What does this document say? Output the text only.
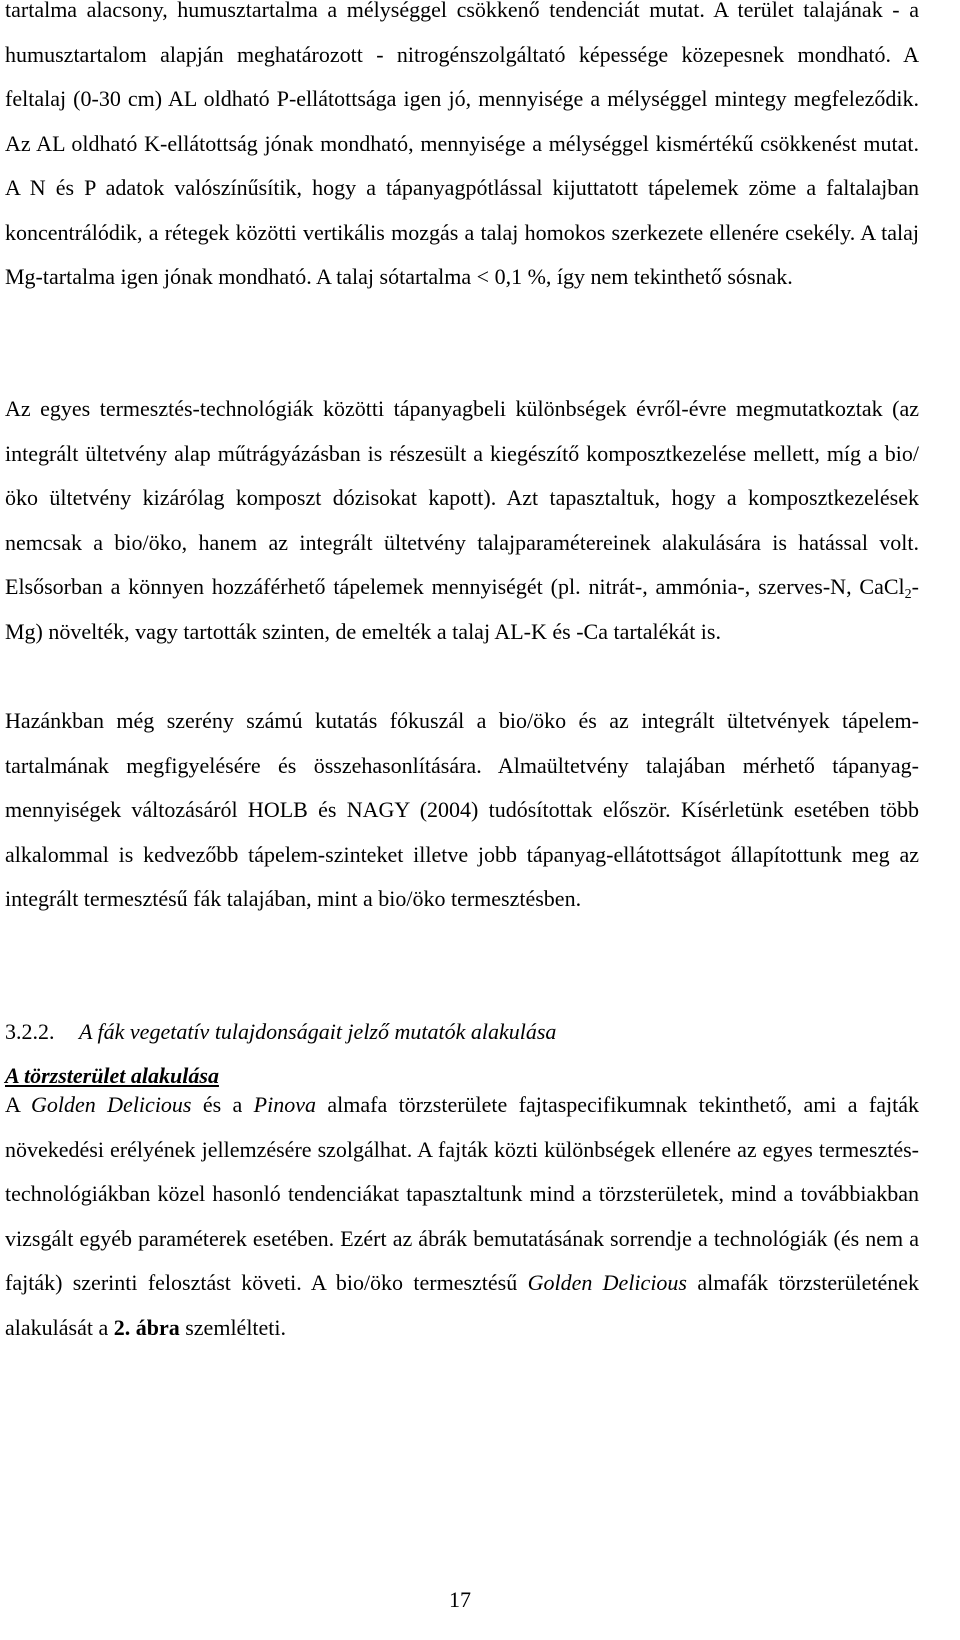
tartalma alacsony, humusztartalma a mélységgel csökkenő tendenciát mutat. A terület talajának - a humusztartalom alapján meghatározott - nitrogénszolgáltató képessége közepesnek mondható. A feltalaj (0-30 cm) AL oldható P-ellátottsága igen jó, mennyisége a mélységgel mintegy megfeleződik. Az AL oldható K-ellátottság jónak mondható, mennyisége a mélységgel kismértékű csökkenést mutat. A N és P adatok valószínűsítik, hogy a tápanyagpótlással kijuttatott tápelemek zöme a faltalajban koncentrálódik, a rétegek közötti vertikális mozgás a talaj homokos szerkezete ellenére csekély. A talaj Mg-tartalma igen jónak mondható. A talaj sótartalma < 0,1 %, így nem tekinthető sósnak.

Az egyes termesztés-technológiák közötti tápanyagbeli különbségek évről-évre megmutatkoztak (az integrált ültetvény alap műtrágyázásban is részesült a kiegészítő komposztkezelése mellett, míg a bio/öko ültetvény kizárólag komposzt dózisokat kapott). Azt tapasztaltuk, hogy a komposztkezelések nemcsak a bio/öko, hanem az integrált ültetvény talajparamétereinek alakulására is hatással volt. Elsősorban a könnyen hozzáférhető tápelemek mennyiségét (pl. nitrát-, ammónia-, szerves-N, CaCl$_2$- Mg) növelték, vagy tartották szinten, de emelték a talaj AL-K és -Ca tartalékát is.

Hazánkban még szerény számú kutatás fókuszál a bio/öko és az integrált ültetvények tápelem-tartalmának megfigyelésére és összehasonlítására. Almaültetvény talajában mérhető tápanyag-mennyiségek változásáról HOLB és NAGY (2004) tudósítottak először. Kísérletünk esetében több alkalommal is kedvezőbb tápelem-szinteket illetve jobb tápanyag-ellátottságot állapítottunk meg az integrált termesztésű fák talajában, mint a bio/öko termesztésben.

3.2.2. A fák vegetatív tulajdonságait jelző mutatók alakulása

A törzsterület alakulása

A Golden Delicious és a Pinova almafa törzsterülete fajtaspecifikumnak tekinthető, ami a fajták növekedési erélyének jellemzésére szolgálhat. A fajták közti különbségek ellenére az egyes termesztés-technológiákban közel hasonló tendenciákat tapasztaltunk mind a törzsterületek, mind a továbbiakban vizsgált egyéb paraméterek esetében. Ezért az ábrák bemutatásának sorrendje a technológiák (és nem a fajták) szerinti felosztást követi. A bio/öko termesztésű Golden Delicious almafák törzsterületének alakulását a 2. ábra szemlélteti.

17
